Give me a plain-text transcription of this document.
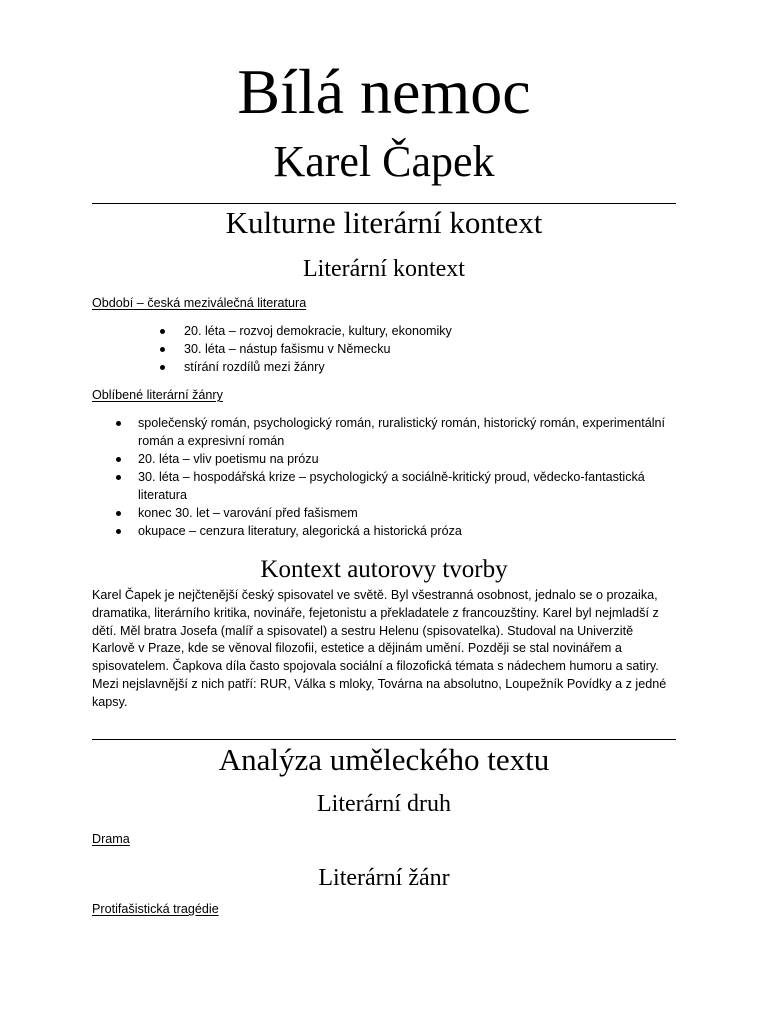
Bílá nemoc
Karel Čapek
Kulturne literární kontext
Literární kontext

Období – česká meziválečná literatura

20. léta – rozvoj demokracie, kultury, ekonomiky
30. léta – nástup fašismu v Německu
stírání rozdílů mezi žánry

Oblíbené literární žánry

společenský román, psychologický román, ruralistický román, historický román, experimentální román a expresivní román
20. léta – vliv poetismu na prózu
30. léta – hospodářská krize – psychologický a sociálně-kritický proud, vědecko-fantastická literatura
konec 30. let – varování před fašismem
okupace – cenzura literatury, alegorická a historická próza
Kontext autorovy tvorby

Karel Čapek je nejčtenější český spisovatel ve světě. Byl všestranná osobnost, jednalo se o prozaika, dramatika, literárního kritika, novináře, fejetonistu a překladatele z francouzštiny. Karel byl nejmladší z dětí. Měl bratra Josefa (malíř a spisovatel) a sestru Helenu (spisovatelka). Studoval na Univerzitě Karlově v Praze, kde se věnoval filozofii, estetice a dějinám umění. Později se stal novinářem a spisovatelem. Čapkova díla často spojovala sociální a filozofická témata s nádechem humoru a satiry. Mezi nejslavnější z nich patří: RUR, Válka s mloky, Továrna na absolutno, Loupežník Povídky a z jedné kapsy.

Analýza uměleckého textu
Literární druh

Drama

Literární žánr

Protifašistická tragédie
